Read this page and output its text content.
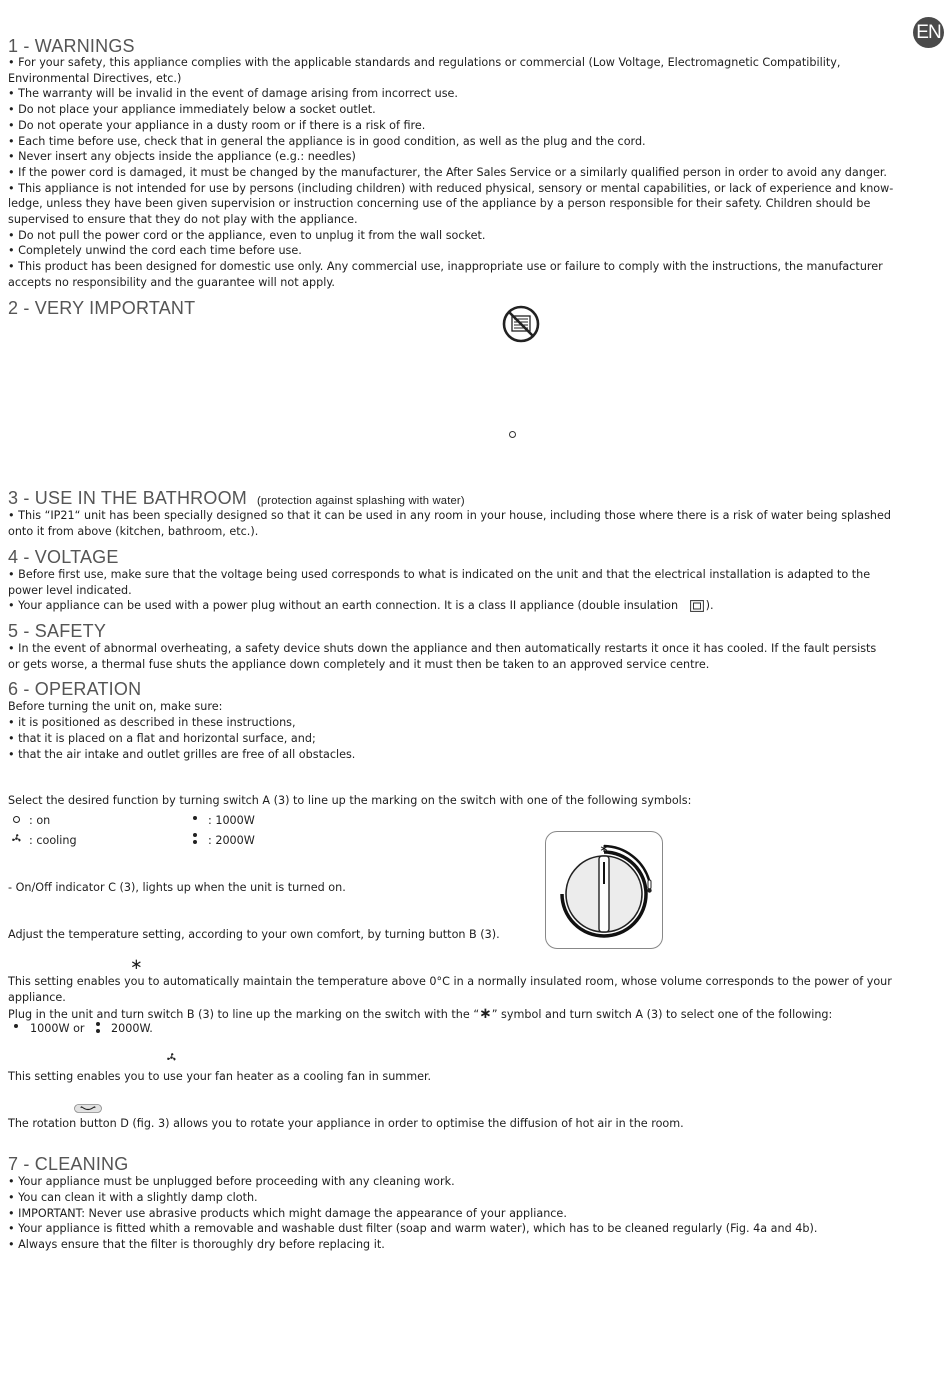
EN
1 - WARNINGS
• For your safety, this appliance complies with the applicable standards and regulations or commercial (Low Voltage, Electromagnetic Compatibility,
Environmental Directives, etc.)
• The warranty will be invalid in the event of damage arising from incorrect use.
• Do not place your appliance immediately below a socket outlet.
• Do not operate your appliance in a dusty room or if there is a risk of fire.
• Each time before use, check that in general the appliance is in good condition, as well as the plug and the cord.
• Never insert any objects inside the appliance (e.g.: needles)
• If the power cord is damaged, it must be changed by the manufacturer, the After Sales Service or a similarly qualified person in order to avoid any danger.
• This appliance is not intended for use by persons (including children) with reduced physical, sensory or mental capabilities, or lack of experience and know-
ledge, unless they have been given supervision or instruction concerning use of the appliance by a person responsible for their safety. Children should be
supervised to ensure that they do not play with the appliance.
• Do not pull the power cord or the appliance, even to unplug it from the wall socket.
• Completely unwind the cord each time before use.
• This product has been designed for domestic use only. Any commercial use, inappropriate use or failure to comply with the instructions, the manufacturer
accepts no responsibility and the guarantee will not apply.
2 - VERY IMPORTANT
3 - USE IN THE BATHROOM (protection against splashing with water)
• This “IP21“ unit has been specially designed so that it can be used in any room in your house, including those where there is a risk of water being splashed
onto it from above (kitchen, bathroom, etc.).
4 - VOLTAGE
• Before first use, make sure that the voltage being used corresponds to what is indicated on the unit and that the electrical installation is adapted to the
power level indicated.
• Your appliance can be used with a power plug without an earth connection. It is a class II appliance (double insulation ).
5 - SAFETY
• In the event of abnormal overheating, a safety device shuts down the appliance and then automatically restarts it once it has cooled. If the fault persists
or gets worse, a thermal fuse shuts the appliance down completely and it must then be taken to an approved service centre.
6 - OPERATION
Before turning the unit on, make sure:
• it is positioned as described in these instructions,
• that it is placed on a flat and horizontal surface, and;
• that the air intake and outlet grilles are free of all obstacles.
Select the desired function by turning switch A (3) to line up the marking on the switch with one of the following symbols:
: on
: cooling
: 1000W
: 2000W
∗
- On/Off indicator C (3), lights up when the unit is turned on.
Adjust the temperature setting, according to your own comfort, by turning button B (3).
∗
This setting enables you to automatically maintain the temperature above 0°C in a normally insulated room, whose volume corresponds to the power of your
appliance.
Plug in the unit and turn switch B (3) to line up the marking on the switch with the “∗” symbol and turn switch A (3) to select one of the following:
1000W or 2000W.
This setting enables you to use your fan heater as a cooling fan in summer.
The rotation button D (fig. 3) allows you to rotate your appliance in order to optimise the diffusion of hot air in the room.
7 - CLEANING
• Your appliance must be unplugged before proceeding with any cleaning work.
• You can clean it with a slightly damp cloth.
• IMPORTANT: Never use abrasive products which might damage the appearance of your appliance.
• Your appliance is fitted whith a removable and washable dust filter (soap and warm water), which has to be cleaned regularly (Fig. 4a and 4b).
• Always ensure that the filter is thoroughly dry before replacing it.
